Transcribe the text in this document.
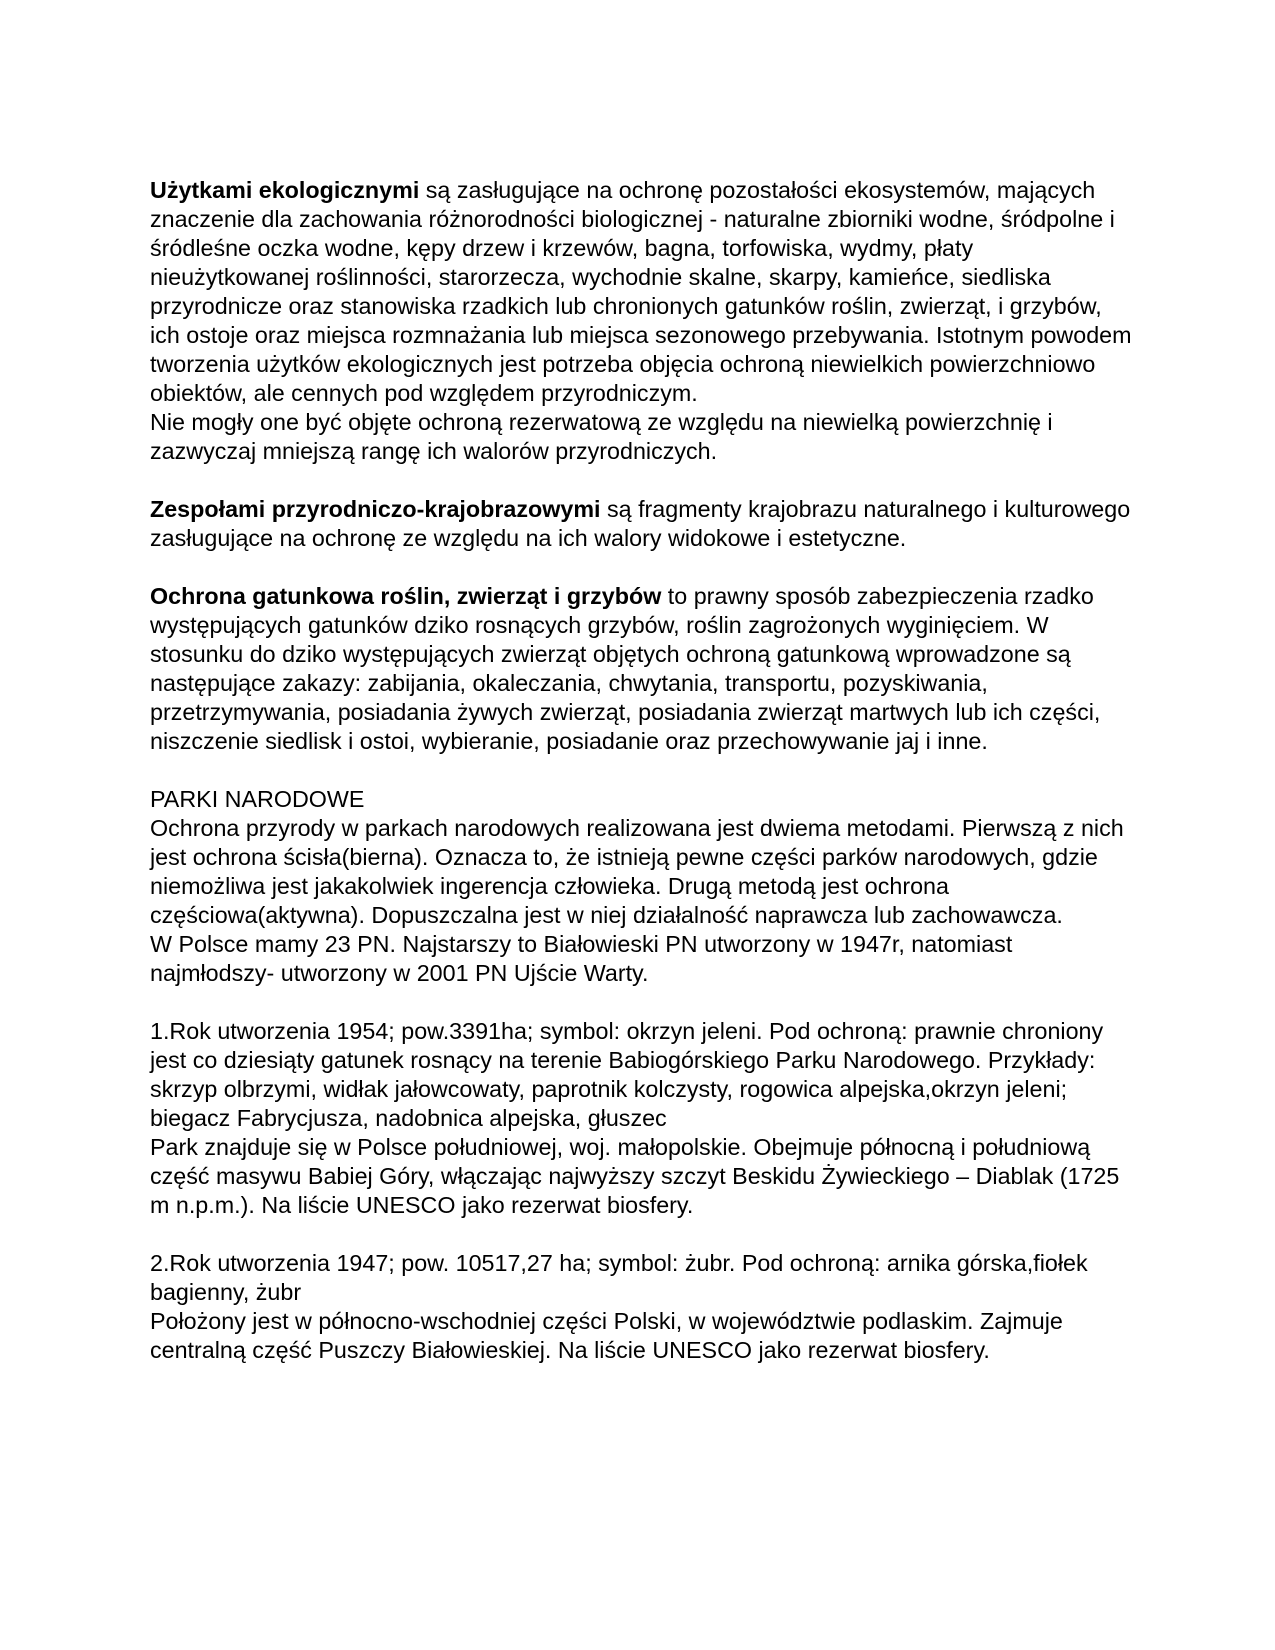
Użytkami ekologicznymi są zasługujące na ochronę pozostałości ekosystemów, mających znaczenie dla zachowania różnorodności biologicznej - naturalne zbiorniki wodne, śródpolne i śródleśne oczka wodne, kępy drzew i krzewów, bagna, torfowiska, wydmy, płaty nieużytkowanej roślinności, starorzecza, wychodnie skalne, skarpy, kamieńce, siedliska przyrodnicze oraz stanowiska rzadkich lub chronionych gatunków roślin, zwierząt, i grzybów, ich ostoje oraz miejsca rozmnażania lub miejsca sezonowego przebywania. Istotnym powodem tworzenia użytków ekologicznych jest potrzeba objęcia ochroną niewielkich powierzchniowo obiektów, ale cennych pod względem przyrodniczym.

Nie mogły one być objęte ochroną rezerwatową ze względu na niewielką powierzchnię i zazwyczaj mniejszą rangę ich walorów przyrodniczych.

Zespołami przyrodniczo-krajobrazowymi są fragmenty krajobrazu naturalnego i kulturowego zasługujące na ochronę ze względu na ich walory widokowe i estetyczne.

Ochrona gatunkowa roślin, zwierząt i grzybów to prawny sposób zabezpieczenia rzadko występujących gatunków dziko rosnących grzybów, roślin zagrożonych wyginięciem. W stosunku do dziko występujących zwierząt objętych ochroną gatunkową wprowadzone są następujące zakazy: zabijania, okaleczania, chwytania, transportu, pozyskiwania, przetrzymywania, posiadania żywych zwierząt, posiadania zwierząt martwych lub ich części, niszczenie siedlisk i ostoi, wybieranie, posiadanie oraz przechowywanie jaj i inne.

PARKI NARODOWE

Ochrona przyrody w parkach narodowych realizowana jest dwiema metodami. Pierwszą z nich jest ochrona ścisła(bierna). Oznacza to, że istnieją pewne części parków narodowych, gdzie niemożliwa jest jakakolwiek ingerencja człowieka. Drugą metodą jest ochrona częściowa(aktywna). Dopuszczalna jest w niej działalność naprawcza lub zachowawcza.

W Polsce mamy 23 PN. Najstarszy to Białowieski PN utworzony w 1947r, natomiast najmłodszy- utworzony w 2001 PN Ujście Warty.

1.Rok utworzenia 1954; pow.3391ha; symbol: okrzyn jeleni. Pod ochroną: prawnie chroniony jest co dziesiąty gatunek rosnący na terenie Babiogórskiego Parku Narodowego. Przykłady: skrzyp olbrzymi, widłak jałowcowaty, paprotnik kolczysty, rogowica alpejska,okrzyn jeleni; biegacz Fabrycjusza, nadobnica alpejska, głuszec

Park znajduje się w Polsce południowej, woj. małopolskie. Obejmuje północną i południową część masywu Babiej Góry, włączając najwyższy szczyt Beskidu Żywieckiego – Diablak (1725 m n.p.m.). Na liście UNESCO jako rezerwat biosfery.

2.Rok utworzenia 1947; pow. 10517,27 ha; symbol: żubr. Pod ochroną: arnika górska,fiołek bagienny, żubr

Położony jest w północno-wschodniej części Polski, w województwie podlaskim. Zajmuje centralną część Puszczy Białowieskiej. Na liście UNESCO jako rezerwat biosfery.
